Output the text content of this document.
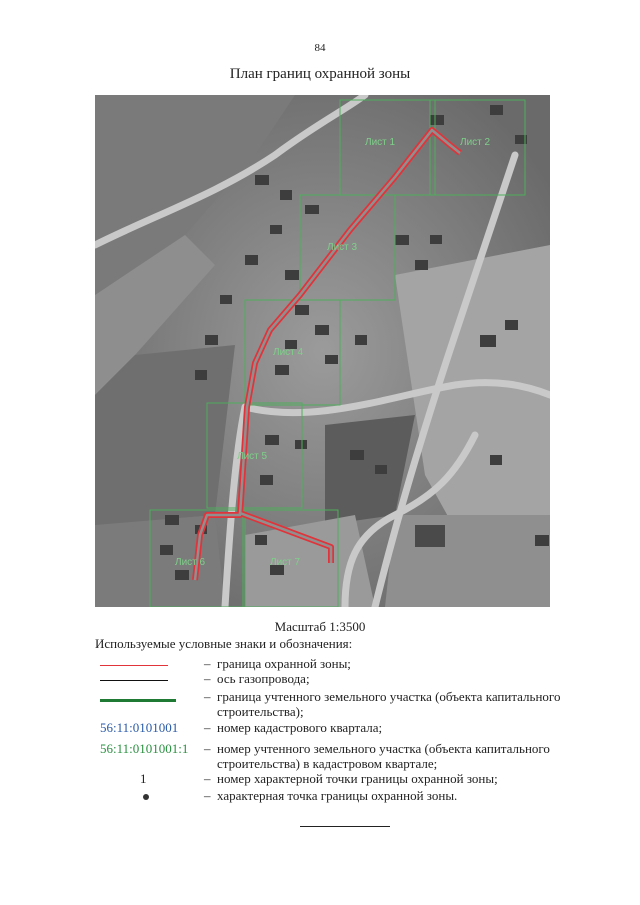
84
План границ охранной зоны
Лист 1	Лист 2
Лист 3
Лист 4
Лист 5
Лист 6	Лист 7
Масштаб 1:3500
Используемые условные знаки и обозначения:
– граница охранной зоны;
– ось газопровода;
– граница учтенного земельного участка (объекта капитального строительства);
56:11:0101001	– номер кадастрового квартала;
56:11:0101001:1 – номер учтенного земельного участка (объекта капитального строительства) в кадастровом квартале;
1	– номер характерной точки границы охранной зоны;
– характерная точка границы охранной зоны.
